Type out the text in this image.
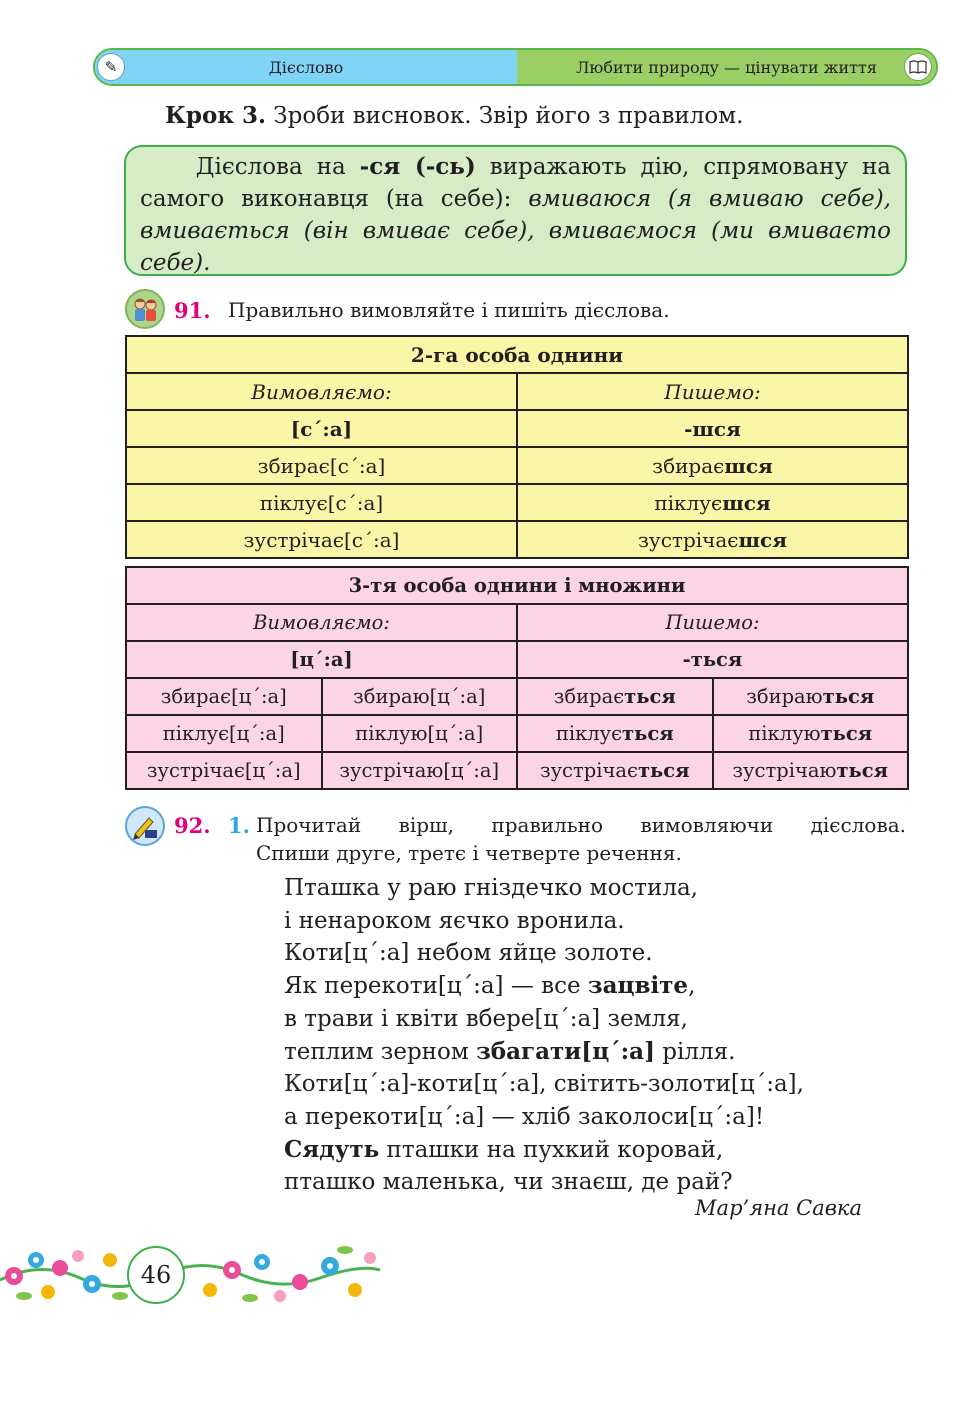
✎	Дієслово	Любити природу — цінувати життя
Крок 3. Зроби висновок. Звір його з правилом.

Дієслова на -ся (-сь) виражають дію, спрямовану на самого виконавця (на себе): вмиваюся (я вмиваю себе), вмивається (він вмиває себе), вмиваємося (ми вмиваєmо себе).

91. Правильно вимовляйте і пишіть дієслова.
2-га особа однини	
Вимовляємо:	Пишемо:
[с´:а]	-шся
збирає[с´:а]	збираєшся
піклує[с´:а]	піклуєшся
зустрічає[с´:а]	зустрічаєшся
3-тя особа однини і множини			
Вимовляємо:		Пишемо:	
[ц´:а]		-ться	
збирає[ц´:а]	збираю[ц´:а]	збирається	збираються
піклує[ц´:а]	піклую[ц´:а]	піклується	піклуються
зустрічає[ц´:а]	зустрічаю[ц´:а]	зустрічається	зустрічаються
92. 1. Прочитай вірш, правильно вимовляючи дієслова.
Спиши друге, третє і четверте речення.
Пташка у раю гніздечко мостила,
і ненароком яєчко вронила.
Коти[ц´:а] небом яйце золоте.
Як перекоти[ц´:а] — все зацвіте,
в трави і квіти вбере[ц´:а] земля,
теплим зерном збагати[ц´:а] рілля.
Коти[ц´:а]-коти[ц´:а], світить-золоти[ц´:а],
а перекоти[ц´:а] — хліб заколоси[ц´:а]!
Сядуть пташки на пухкий коровай,
пташко маленька, чи знаєш, де рай?
Мар’яна Савка
46
